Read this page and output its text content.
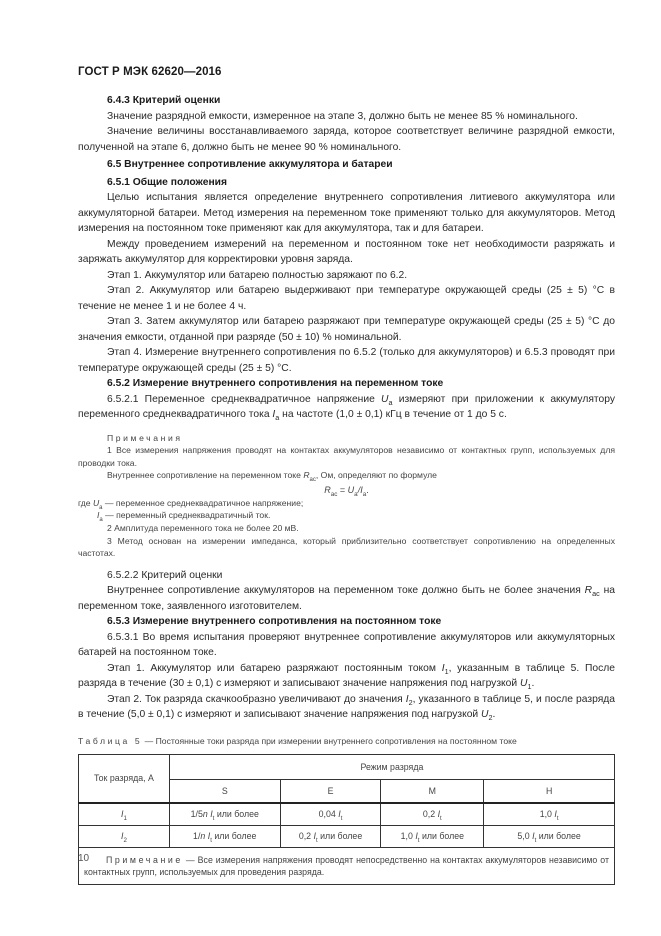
ГОСТ Р МЭК 62620—2016

6.4.3 Критерий оценки

Значение разрядной емкости, измеренное на этапе 3, должно быть не менее 85 % номинального.

Значение величины восстанавливаемого заряда, которое соответствует величине разрядной емкости, полученной на этапе 6, должно быть не менее 90 % номинального.

6.5 Внутреннее сопротивление аккумулятора и батареи

6.5.1 Общие положения

Целью испытания является определение внутреннего сопротивления литиевого аккумулятора или аккумуляторной батареи. Метод измерения на переменном токе применяют только для аккумуляторов. Метод измерения на постоянном токе применяют как для аккумулятора, так и для батареи.

Между проведением измерений на переменном и постоянном токе нет необходимости разряжать и заряжать аккумулятор для корректировки уровня заряда.

Этап 1. Аккумулятор или батарею полностью заряжают по 6.2.

Этап 2. Аккумулятор или батарею выдерживают при температуре окружающей среды (25 ± 5) °С в течение не менее 1 и не более 4 ч.

Этап 3. Затем аккумулятор или батарею разряжают при температуре окружающей среды (25 ± 5) °С до значения емкости, отданной при разряде (50 ± 10) % номинальной.

Этап 4. Измерение внутреннего сопротивления по 6.5.2 (только для аккумуляторов) и 6.5.3 проводят при температуре окружающей среды (25 ± 5) °С.

6.5.2 Измерение внутреннего сопротивления на переменном токе

6.5.2.1 Переменное среднеквадратичное напряжение $U_a$ измеряют при приложении к аккумулятору переменного среднеквадратичного тока $I_a$ на частоте (1,0 ± 0,1) кГц в течение от 1 до 5 с.

Примечания

1 Все измерения напряжения проводят на контактах аккумуляторов независимо от контактных групп, используемых для проводки тока.

Внутреннее сопротивление на переменном токе $R_{ac}$, Ом, определяют по формуле

$R_{ac} = U_a/I_a$.

где $U_a$ — переменное среднеквадратичное напряжение;

$I_a$ — переменный среднеквадратичный ток.

2 Амплитуда переменного тока не более 20 мВ.

3 Метод основан на измерении импеданса, который приблизительно соответствует сопротивлению на определенных частотах.

6.5.2.2 Критерий оценки

Внутреннее сопротивление аккумуляторов на переменном токе должно быть не более значения $R_{ac}$ на переменном токе, заявленного изготовителем.

6.5.3 Измерение внутреннего сопротивления на постоянном токе

6.5.3.1 Во время испытания проверяют внутреннее сопротивление аккумуляторов или аккумуляторных батарей на постоянном токе.

Этап 1. Аккумулятор или батарею разряжают постоянным током $I_1$, указанным в таблице 5. После разряда в течение (30 ± 0,1) с измеряют и записывают значение напряжения под нагрузкой $U_1$.

Этап 2. Ток разряда скачкообразно увеличивают до значения $I_2$, указанного в таблице 5, и после разряда в течение (5,0 ± 0,1) с измеряют и записывают значение напряжения под нагрузкой $U_2$.

Таблица 5 — Постоянные токи разряда при измерении внутреннего сопротивления на постоянном токе
Ток разряда, А	Режим разряда			
	S	E	M	H
$I_1$	1/5n $I_t$ или более	0,04 $I_t$	0,2 $I_t$	1,0 $I_t$
$I_2$	1/n $I_t$ или более	0,2 $I_t$ или более	1,0 $I_t$ или более	5,0 $I_t$ или более
Примечание — Все измерения напряжения проводят непосредственно на контактах аккумуляторов независимо от контактных групп, используемых для проведения разряда.				
10
